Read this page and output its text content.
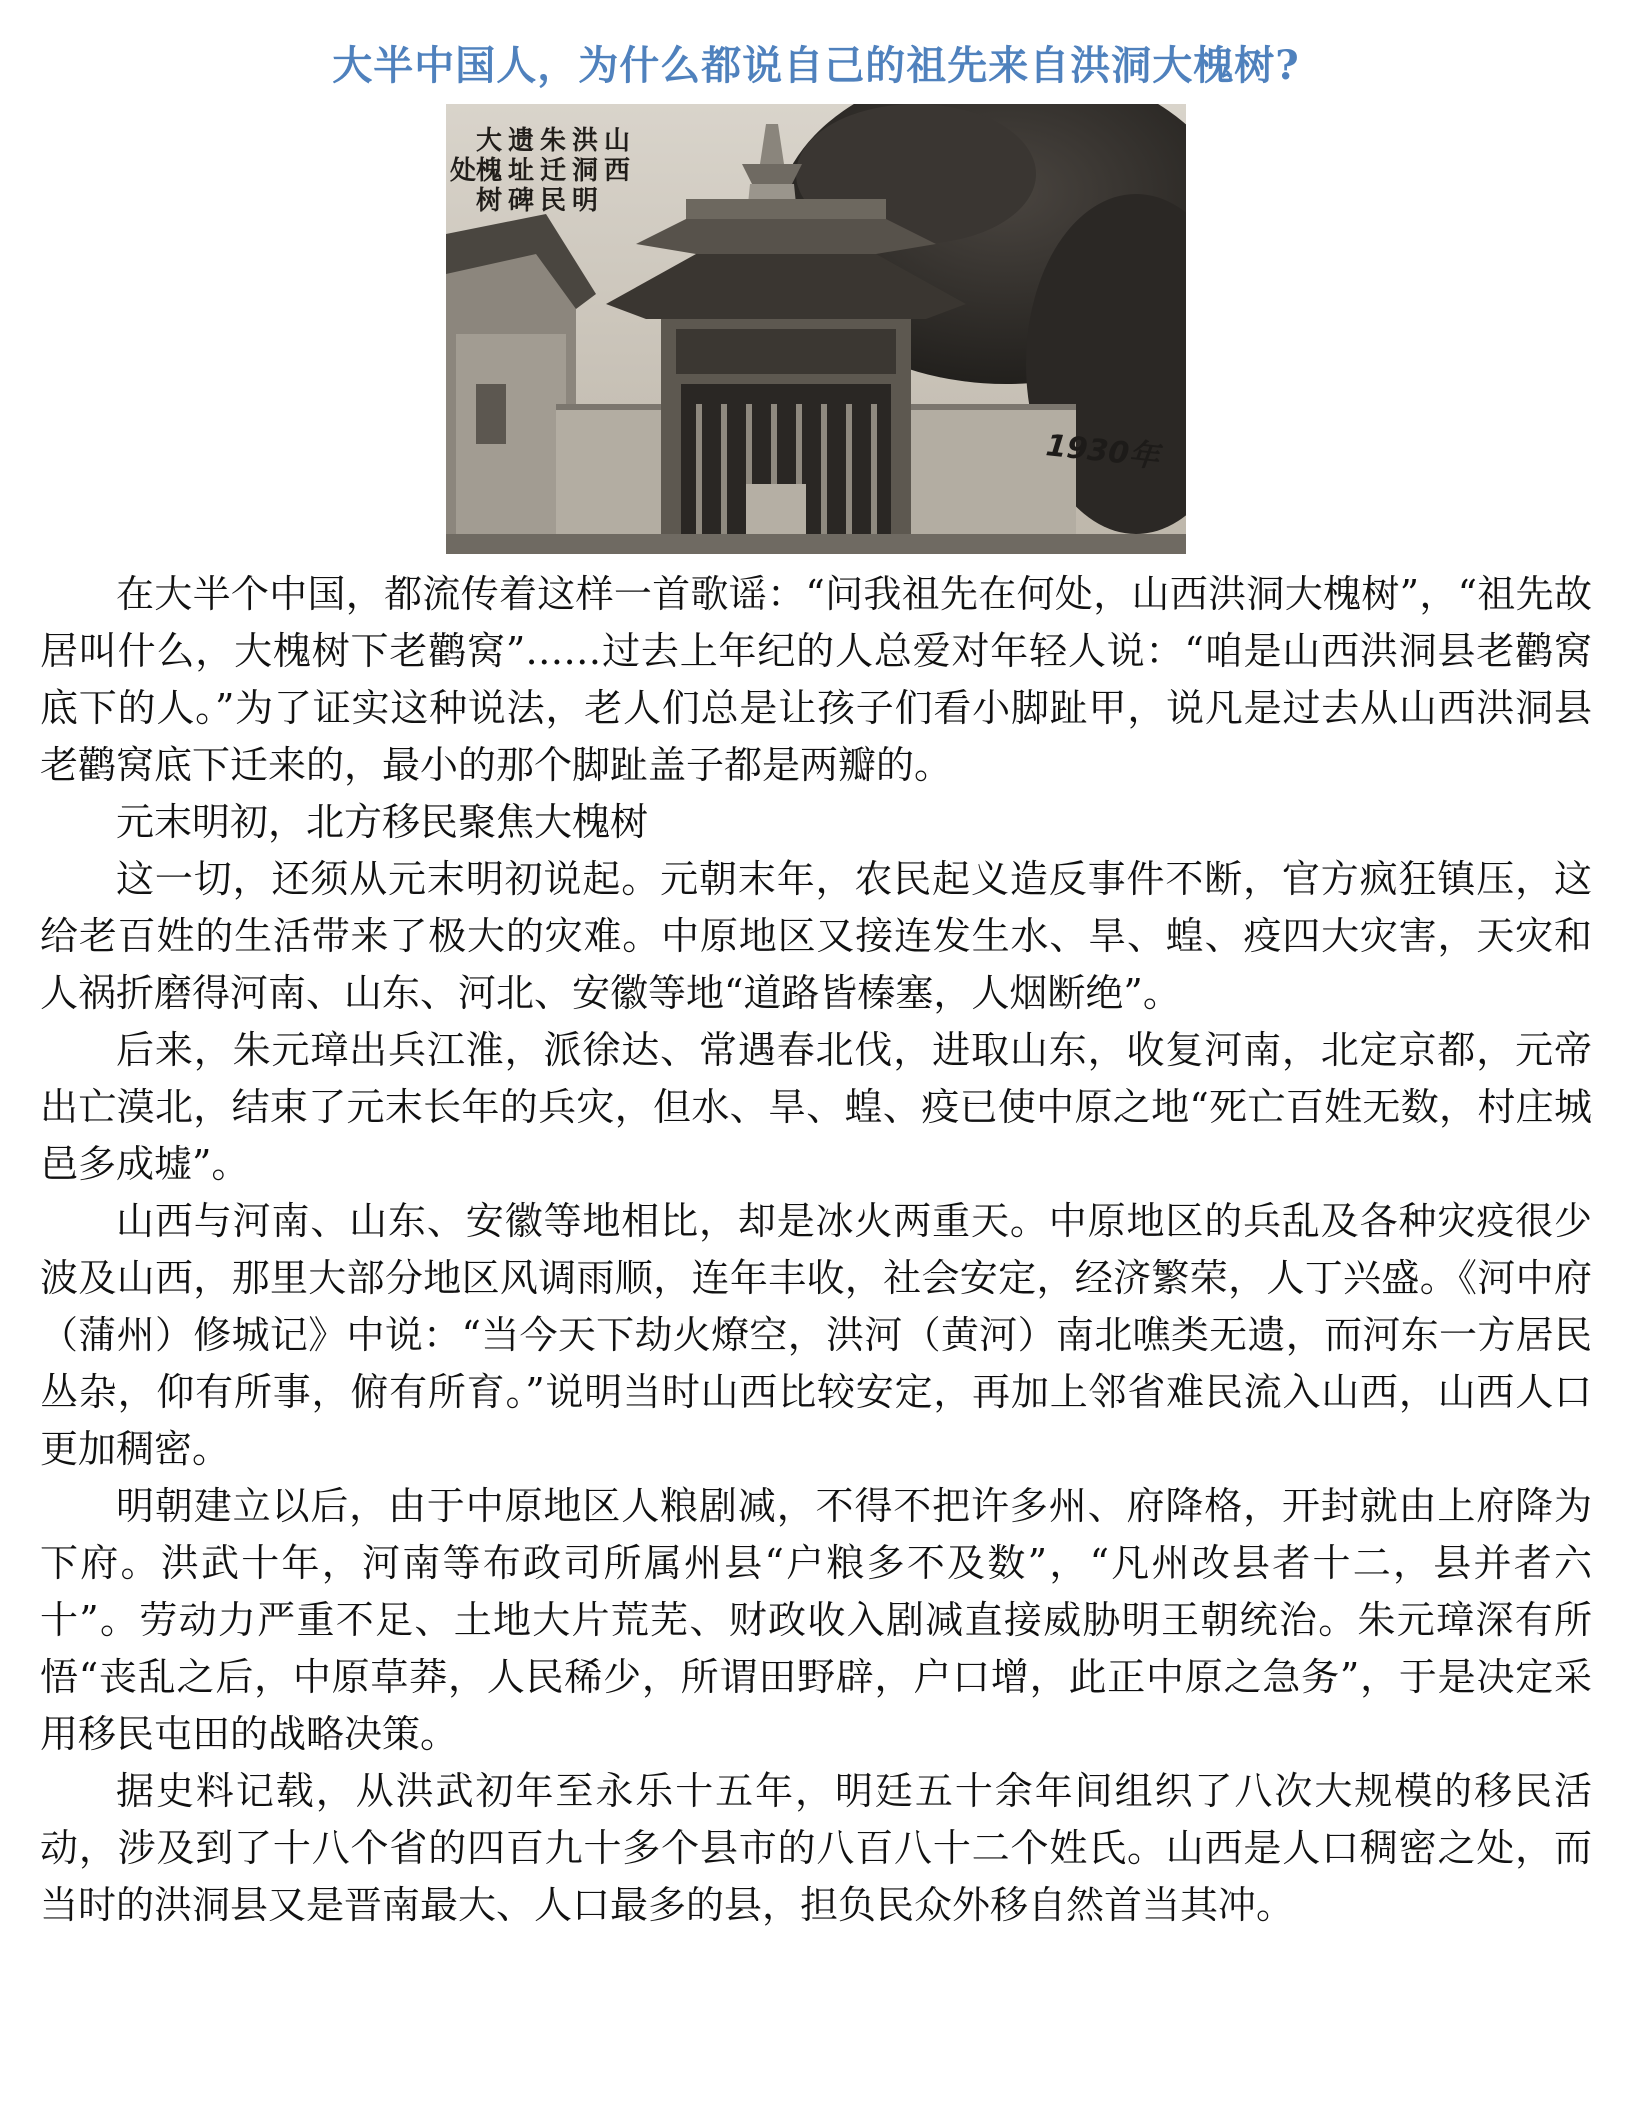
大半中国人，为什么都说自己的祖先来自洪洞大槐树?
山西
洪洞明
朱迁民
遗址碑
大槐树
处
1930年

在大半个中国，都流传着这样一首歌谣：“问我祖先在何处，山西洪洞大槐树”，“祖先故居叫什么，大槐树下老鹳窝”……过去上年纪的人总爱对年轻人说：“咱是山西洪洞县老鹳窝底下的人。”为了证实这种说法，老人们总是让孩子们看小脚趾甲，说凡是过去从山西洪洞县老鹳窝底下迁来的，最小的那个脚趾盖子都是两瓣的。

元末明初，北方移民聚焦大槐树

这一切，还须从元末明初说起。元朝末年，农民起义造反事件不断，官方疯狂镇压，这给老百姓的生活带来了极大的灾难。中原地区又接连发生水、旱、蝗、疫四大灾害，天灾和人祸折磨得河南、山东、河北、安徽等地“道路皆榛塞，人烟断绝”。

后来，朱元璋出兵江淮，派徐达、常遇春北伐，进取山东，收复河南，北定京都，元帝出亡漠北，结束了元末长年的兵灾，但水、旱、蝗、疫已使中原之地“死亡百姓无数，村庄城邑多成墟”。

山西与河南、山东、安徽等地相比，却是冰火两重天。中原地区的兵乱及各种灾疫很少波及山西，那里大部分地区风调雨顺，连年丰收，社会安定，经济繁荣，人丁兴盛。《河中府（蒲州）修城记》中说：“当今天下劫火燎空，洪河（黄河）南北噍类无遗，而河东一方居民丛杂，仰有所事，俯有所育。”说明当时山西比较安定，再加上邻省难民流入山西，山西人口更加稠密。

明朝建立以后，由于中原地区人粮剧减，不得不把许多州、府降格，开封就由上府降为下府。洪武十年，河南等布政司所属州县“户粮多不及数”，“凡州改县者十二，县并者六十”。劳动力严重不足、土地大片荒芜、财政收入剧减直接威胁明王朝统治。朱元璋深有所悟“丧乱之后，中原草莽，人民稀少，所谓田野辟，户口增，此正中原之急务”，于是决定采用移民屯田的战略决策。

据史料记载，从洪武初年至永乐十五年，明廷五十余年间组织了八次大规模的移民活动，涉及到了十八个省的四百九十多个县市的八百八十二个姓氏。山西是人口稠密之处，而当时的洪洞县又是晋南最大、人口最多的县，担负民众外移自然首当其冲。
